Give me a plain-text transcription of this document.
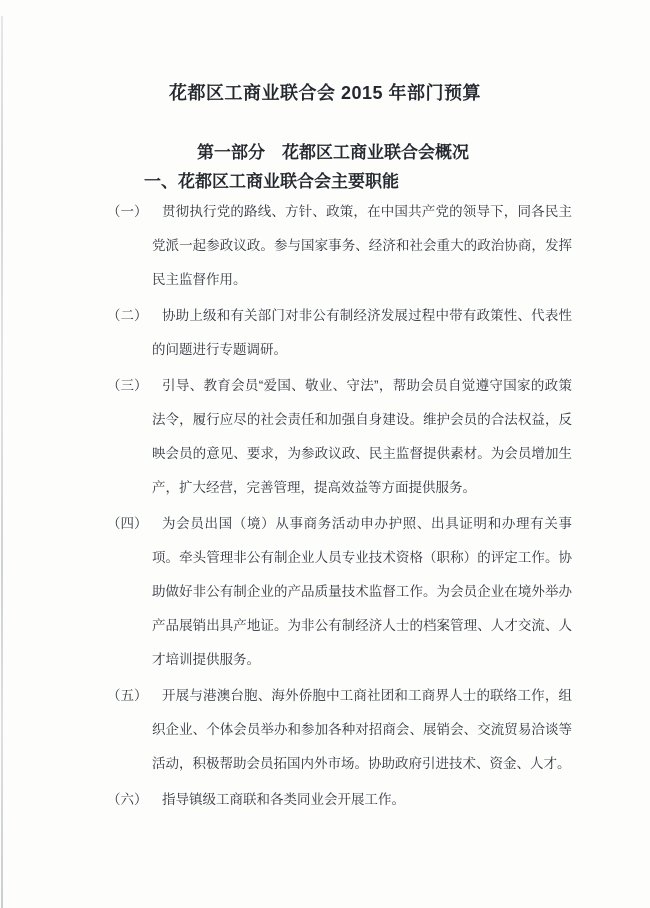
花都区工商业联合会 2015 年部门预算
第一部分　花都区工商业联合会概况
一、花都区工商业联合会主要职能
（一）	贯彻执行党的路线、方针、政策，在中国共产党的领导下，同各民主党派一起参政议政。参与国家事务、经济和社会重大的政治协商，发挥民主监督作用。

（二）	协助上级和有关部门对非公有制经济发展过程中带有政策性、代表性的问题进行专题调研。

（三）	引导、教育会员“爱国、敬业、守法”，帮助会员自觉遵守国家的政策法令，履行应尽的社会责任和加强自身建设。维护会员的合法权益，反映会员的意见、要求，为参政议政、民主监督提供素材。为会员增加生产，扩大经营，完善管理，提高效益等方面提供服务。

（四）	为会员出国（境）从事商务活动申办护照、出具证明和办理有关事项。牵头管理非公有制企业人员专业技术资格（职称）的评定工作。协助做好非公有制企业的产品质量技术监督工作。为会员企业在境外举办产品展销出具产地证。为非公有制经济人士的档案管理、人才交流、人才培训提供服务。

（五）	开展与港澳台胞、海外侨胞中工商社团和工商界人士的联络工作，组织企业、个体会员举办和参加各种对招商会、展销会、交流贸易洽谈等活动，积极帮助会员拓国内外市场。协助政府引进技术、资金、人才。

（六）	指导镇级工商联和各类同业会开展工作。
